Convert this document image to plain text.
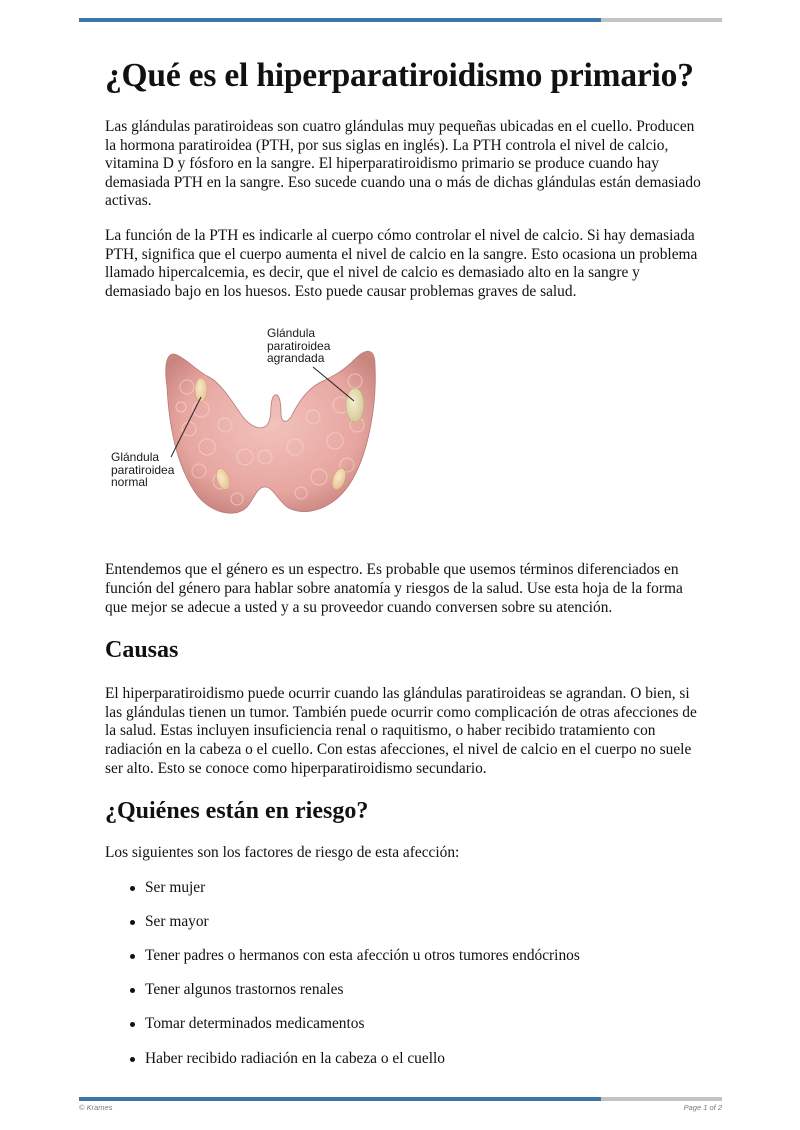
¿Qué es el hiperparatiroidismo primario?

Las glándulas paratiroideas son cuatro glándulas muy pequeñas ubicadas en el cuello. Producen la hormona paratiroidea (PTH, por sus siglas en inglés). La PTH controla el nivel de calcio, vitamina D y fósforo en la sangre. El hiperparatiroidismo primario se produce cuando hay demasiada PTH en la sangre. Eso sucede cuando una o más de dichas glándulas están demasiado activas.

La función de la PTH es indicarle al cuerpo cómo controlar el nivel de calcio. Si hay demasiada PTH, significa que el cuerpo aumenta el nivel de calcio en la sangre. Esto ocasiona un problema llamado hipercalcemia, es decir, que el nivel de calcio es demasiado alto en la sangre y demasiado bajo en los huesos. Esto puede causar problemas graves de salud.

Glándula
paratiroidea
agrandada
Glándula
paratiroidea
normal

Entendemos que el género es un espectro. Es probable que usemos términos diferenciados en función del género para hablar sobre anatomía y riesgos de la salud. Use esta hoja de la forma que mejor se adecue a usted y a su proveedor cuando conversen sobre su atención.

Causas

El hiperparatiroidismo puede ocurrir cuando las glándulas paratiroideas se agrandan. O bien, si las glándulas tienen un tumor. También puede ocurrir como complicación de otras afecciones de la salud. Estas incluyen insuficiencia renal o raquitismo, o haber recibido tratamiento con radiación en la cabeza o el cuello. Con estas afecciones, el nivel de calcio en el cuerpo no suele ser alto. Esto se conoce como hiperparatiroidismo secundario.

¿Quiénes están en riesgo?

Los siguientes son los factores de riesgo de esta afección:

Ser mujer
Ser mayor
Tener padres o hermanos con esta afección u otros tumores endócrinos
Tener algunos trastornos renales
Tomar determinados medicamentos
Haber recibido radiación en la cabeza o el cuello
© Krames	Page 1 of 2
